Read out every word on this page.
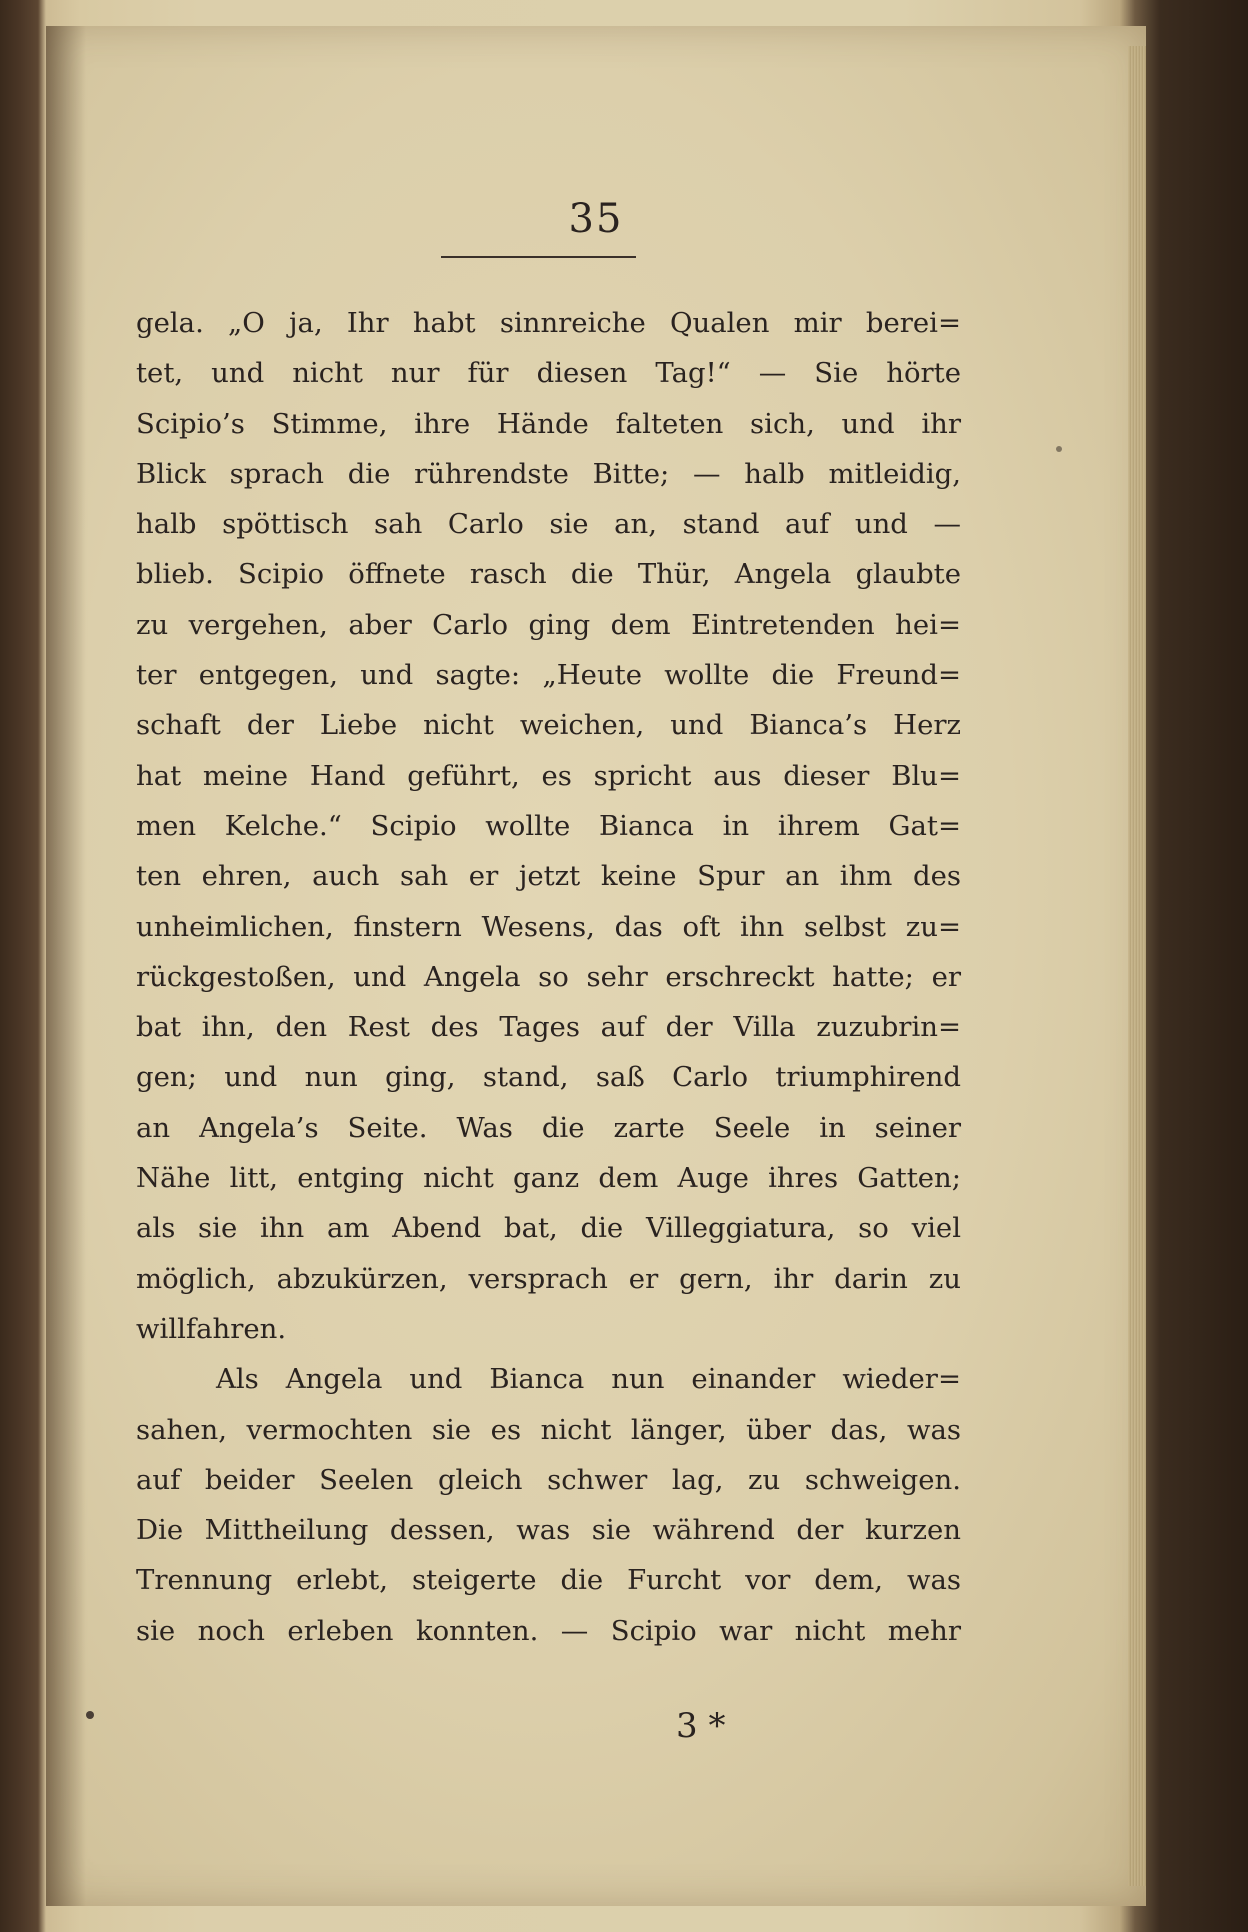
35
gela. „O ja, Ihr habt sinnreiche Qualen mir berei=
tet, und nicht nur für diesen Tag!“ — Sie hörte
Scipio’s Stimme, ihre Hände falteten sich, und ihr
Blick sprach die rührendste Bitte; — halb mitleidig,
halb spöttisch sah Carlo sie an, stand auf und —
blieb. Scipio öffnete rasch die Thür, Angela glaubte
zu vergehen, aber Carlo ging dem Eintretenden hei=
ter entgegen, und sagte: „Heute wollte die Freund=
schaft der Liebe nicht weichen, und Bianca’s Herz
hat meine Hand geführt, es spricht aus dieser Blu=
men Kelche.“ Scipio wollte Bianca in ihrem Gat=
ten ehren, auch sah er jetzt keine Spur an ihm des
unheimlichen, finstern Wesens, das oft ihn selbst zu=
rückgestoßen, und Angela so sehr erschreckt hatte; er
bat ihn, den Rest des Tages auf der Villa zuzubrin=
gen; und nun ging, stand, saß Carlo triumphirend
an Angela’s Seite. Was die zarte Seele in seiner
Nähe litt, entging nicht ganz dem Auge ihres Gatten;
als sie ihn am Abend bat, die Villeggiatura, so viel
möglich, abzukürzen, versprach er gern, ihr darin zu
willfahren.
Als Angela und Bianca nun einander wieder=
sahen, vermochten sie es nicht länger, über das, was
auf beider Seelen gleich schwer lag, zu schweigen.
Die Mittheilung dessen, was sie während der kurzen
Trennung erlebt, steigerte die Furcht vor dem, was
sie noch erleben konnten. — Scipio war nicht mehr
3 *
